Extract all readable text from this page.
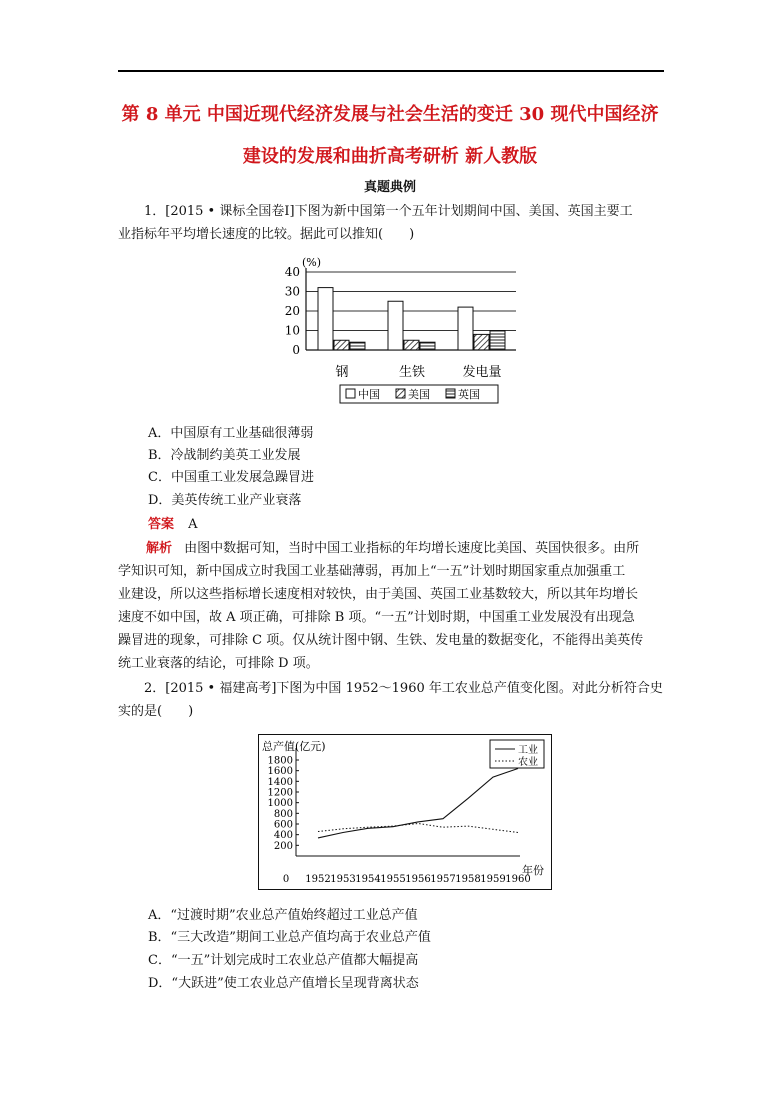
第 8 单元 中国近现代经济发展与社会生活的变迁 30 现代中国经济
建设的发展和曲折高考研析 新人教版
真题典例
1．[2015 • 课标全国卷Ⅰ]下图为新中国第一个五年计划期间中国、美国、英国主要工
业指标年平均增长速度的比较。据此可以推知(　　)
0
10
20
30
40
(%)
钢	生铁	发电量
中国	美国	英国
A．中国原有工业基础很薄弱
B．冷战制约美英工业发展
C．中国重工业发展急躁冒进
D．美英传统工业产业衰落
答案 A
解析 由图中数据可知，当时中国工业指标的年均增长速度比美国、英国快很多。由所
学知识可知，新中国成立时我国工业基础薄弱，再加上“一五”计划时期国家重点加强重工
业建设，所以这些指标增长速度相对较快，由于美国、英国工业基数较大，所以其年均增长
速度不如中国，故 A 项正确，可排除 B 项。“一五”计划时期，中国重工业发展没有出现急
躁冒进的现象，可排除 C 项。仅从统计图中钢、生铁、发电量的数据变化，不能得出美英传
统工业衰落的结论，可排除 D 项。
2．[2015 • 福建高考]下图为中国 1952～1960 年工农业总产值变化图。对此分析符合史
实的是(　　)
总产值(亿元)
年份
0
200
400
600
800
1000
1200
1400
1600
1800
1952 1953 1954 1955 1956 1957 1958 1959 1960
工业
农业
A．“过渡时期”农业总产值始终超过工业总产值
B．“三大改造”期间工业总产值均高于农业总产值
C．“一五”计划完成时工农业总产值都大幅提高
D．“大跃进”使工农业总产值增长呈现背离状态
